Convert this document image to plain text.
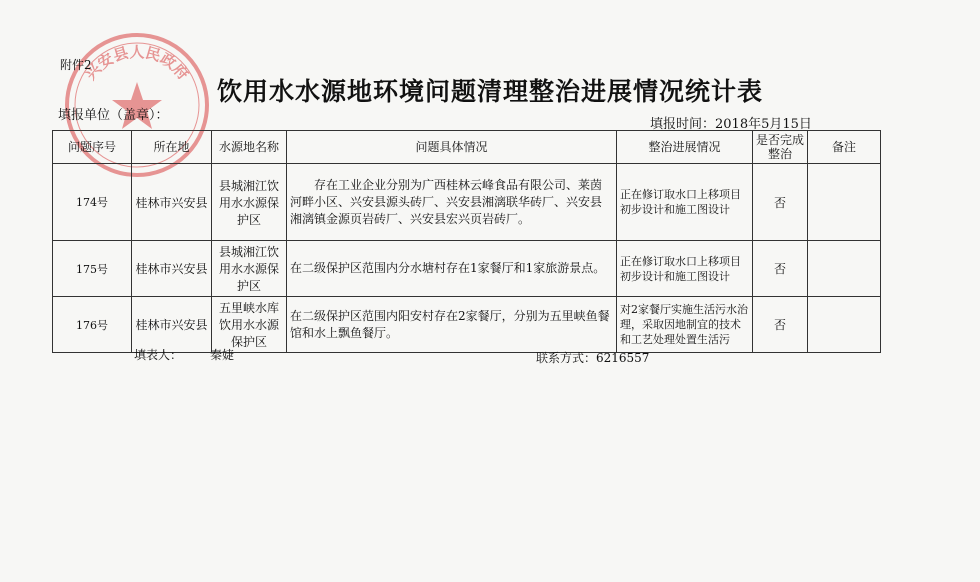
兴安县人民政府
附件2
饮用水水源地环境问题清理整治进展情况统计表
填报单位（盖章）：
填报时间：2018年5月15日
问题序号	所在地	水源地名称	问题具体情况	整治进展情况	是否完成整治	备注
174号	桂林市兴安县	县城湘江饮用水水源保护区	存在工业企业分别为广西桂林云峰食品有限公司、莱茵河畔小区、兴安县源头砖厂、兴安县湘漓联华砖厂、兴安县湘漓镇金源页岩砖厂、兴安县宏兴页岩砖厂。	正在修订取水口上移项目初步设计和施工图设计	否	
175号	桂林市兴安县	县城湘江饮用水水源保护区	在二级保护区范围内分水塘村存在1家餐厅和1家旅游景点。	正在修订取水口上移项目初步设计和施工图设计	否	
176号	桂林市兴安县	五里峡水库饮用水水源保护区	在二级保护区范围内阳安村存在2家餐厅，分别为五里峡鱼餐馆和水上飘鱼餐厅。	对2家餐厅实施生活污水治理，采取因地制宜的技术和工艺处理处置生活污	否	
填表人： 秦婕	联系方式：6216557
